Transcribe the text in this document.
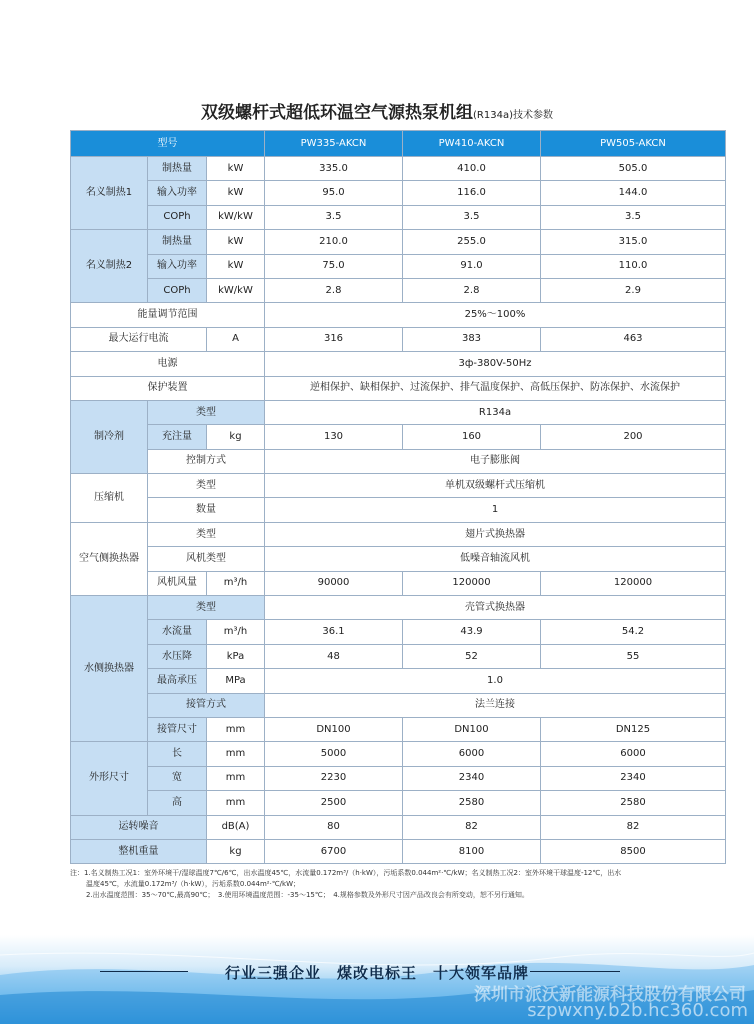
双级螺杆式超低环温空气源热泵机组(R134a)技术参数
型号			PW335-AKCN	PW410-AKCN	PW505-AKCN
名义制热1	制热量	kW	335.0	410.0	505.0
	输入功率	kW	95.0	116.0	144.0
	COPh	kW/kW	3.5	3.5	3.5
名义制热2	制热量	kW	210.0	255.0	315.0
	输入功率	kW	75.0	91.0	110.0
	COPh	kW/kW	2.8	2.8	2.9
能量调节范围			25%～100%		
最大运行电流		A	316	383	463
电源			3ф-380V-50Hz		
保护装置			逆相保护、缺相保护、过流保护、排气温度保护、高低压保护、防冻保护、水流保护		
制冷剂	类型		R134a		
	充注量	kg	130	160	200
	控制方式		电子膨胀阀		
压缩机	类型		单机双级螺杆式压缩机		
	数量		1		
空气侧换热器	类型		翅片式换热器		
	风机类型		低噪音轴流风机		
	风机风量	m³/h	90000	120000	120000
水侧换热器	类型		壳管式换热器		
	水流量	m³/h	36.1	43.9	54.2
	水压降	kPa	48	52	55
	最高承压	MPa	1.0		
	接管方式		法兰连接		
	接管尺寸	mm	DN100	DN100	DN125
外形尺寸	长	mm	5000	6000	6000
	宽	mm	2230	2340	2340
	高	mm	2500	2580	2580
运转噪音		dB(A)	80	82	82
整机重量		kg	6700	8100	8500
注：1.名义制热工况1：室外环境干/湿球温度7℃/6℃，出水温度45℃，水流量0.172m³/（h·kW），污垢系数0.044m²·℃/kW；名义制热工况2：室外环境干球温度-12℃，出水
温度45℃，水流量0.172m³/（h·kW），污垢系数0.044m²·℃/kW；
2.出水温度范围：35～70℃,最高90℃；　3.使用环境温度范围：-35～15℃；　4.规格参数及外形尺寸因产品改良会有所变动，恕不另行通知。
行业三强企业　煤改电标王　十大领军品牌
深圳市派沃新能源科技股份有限公司
szpwxny.b2b.hc360.com
